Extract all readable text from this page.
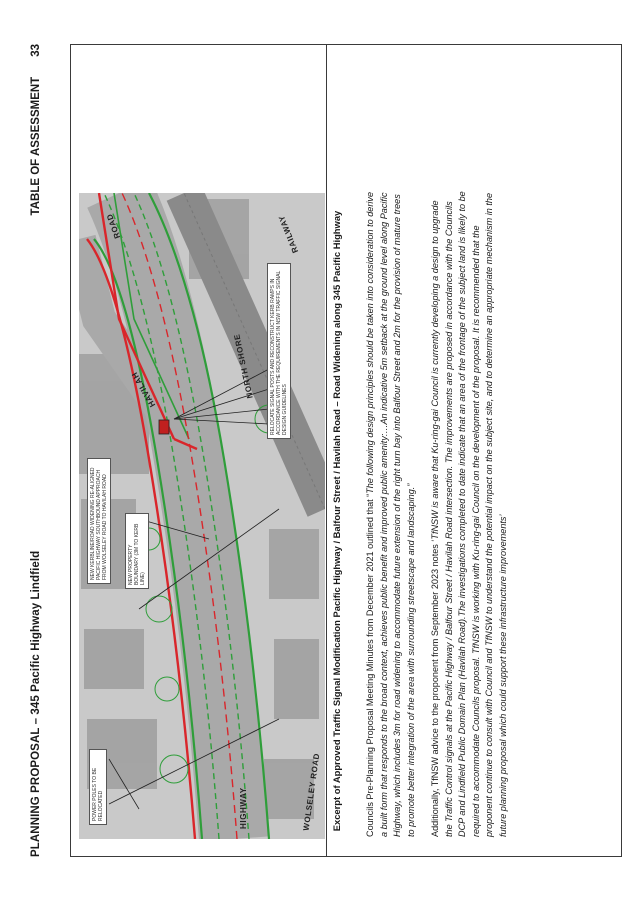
PLANNING PROPOSAL – 345 Pacific Highway Lindfield
TABLE OF ASSESSMENT33
POWER POLES TO BE RELOCATED
NEW KERBLINE/ROAD WIDENING RE-ALIGNED PACIFIC HIGHWAY SOUTHBOUND APPROACH FROM WOLSELEY ROAD TO HAVILAH ROAD	NEW PROPERTY BOUNDARY (3M TO KERB LINE)
RELOCATE SIGNAL POSTS AND RECONSTRUCT KERB RAMPS IN ACCORDANCE WITH THE REQUIREMENTS IN NSW TRAFFIC SIGNAL DESIGN GUIDELINES
WOLSELEY ROAD
HIGHWAY
NORTH SHORE
RAILWAY
HAVILAH
ROAD	Excerpt of Approved Traffic Signal Modification Pacific Highway / Balfour Street / Havilah Road – Road Widening along 345 Pacific Highway	Councils Pre-Planning Proposal Meeting Minutes from December 2021 outlined that “The following design principles should be taken into consideration to derive a built form that responds to the broad context, achieves public benefit and improved public amenity:…An indicative 5m setback at the ground level along Pacific Highway, which includes 3m for road widening to accommodate future extension of the right turn bay into Balfour Street and 2m for the provision of mature trees to promote better integration of the area with surrounding streetscape and landscaping.” Additionally, TfNSW advice to the proponent from September 2023 notes ‘TfNSW is aware that Ku-ring-gai Council is currently developing a design to upgrade the Traffic Control signals at the Pacific Highway / Balfour Street / Havilah Road intersection. The improvements are proposed in accordance with the Councils DCP and Lindfield Public Domain Plan (Havilah Road).The investigations completed to date indicate that an area of the frontage of the subject land is likely to be required to accommodate Councils proposal. TfNSW is working with Ku-ring-gai Council on the development of the proposal. It is recommended that the proponent continue to consult with Council and TfNSW to understand the potential impact on the subject site, and to determine an appropriate mechanism in the future planning proposal which could support these infrastructure improvements’
